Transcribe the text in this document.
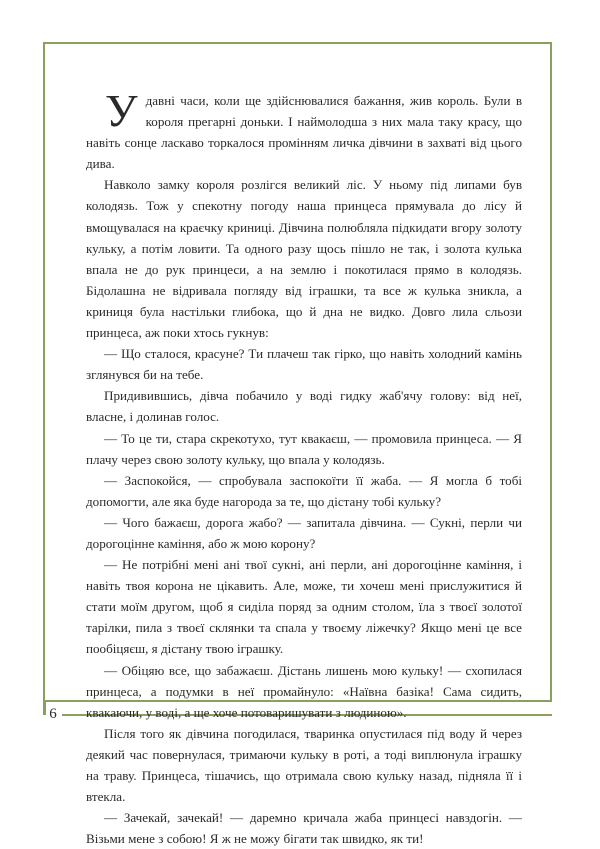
6

Удавні часи, коли ще здійснювалися бажання, жив король. Були в короля прегарні доньки. І наймолодша з них мала таку красу, що навіть сонце ласкаво торкалося промінням личка дівчини в захваті від цього дива.

Навколо замку короля розлігся великий ліс. У ньому під липами був колодязь. Тож у спекотну погоду наша принцеса прямувала до лісу й вмощувалася на краєчку криниці. Дівчина полюбляла підкидати вгору золоту кульку, а потім ловити. Та одного разу щось пішло не так, і золота кулька впала не до рук принцеси, а на землю і покотилася прямо в колодязь. Бідолашна не відривала погляду від іграшки, та все ж кулька зникла, а криниця була настільки глибока, що й дна не видко. Довго лила сльози принцеса, аж поки хтось гукнув:

— Що сталося, красуне? Ти плачеш так гірко, що навіть холодний камінь зглянувся би на тебе.

Придивившись, дівча побачило у воді гидку жаб'ячу голову: від неї, власне, і долинав голос.

— То це ти, стара скрекотухо, тут квакаєш, — промовила принцеса. — Я плачу через свою золоту кульку, що впала у колодязь.

— Заспокойся, — спробувала заспокоїти її жаба. — Я могла б тобі допомогти, але яка буде нагорода за те, що дістану тобі кульку?

— Чого бажаєш, дорога жабо? — запитала дівчина. — Сукні, перли чи дорогоцінне каміння, або ж мою корону?

— Не потрібні мені ані твої сукні, ані перли, ані дорогоцінне каміння, і навіть твоя корона не цікавить. Але, може, ти хочеш мені прислужитися й стати моїм другом, щоб я сиділа поряд за одним столом, їла з твоєї золотої тарілки, пила з твоєї склянки та спала у твоєму ліжечку? Якщо мені це все пообіцяєш, я дістану твою іграшку.

— Обіцяю все, що забажаєш. Дістань лишень мою кульку! — схопилася принцеса, а подумки в неї промайнуло: «Наївна базіка! Сама сидить, квакаючи, у воді, а ще хоче потоваришувати з людиною».

Після того як дівчина погодилася, тваринка опустилася під воду й через деякий час повернулася, тримаючи кульку в роті, а тоді виплюнула іграшку на траву. Принцеса, тішачись, що отримала свою кульку назад, підняла її і втекла.

— Зачекай, зачекай! — даремно кричала жаба принцесі навздогін. — Візьми мене з собою! Я ж не можу бігати так швидко, як ти!
